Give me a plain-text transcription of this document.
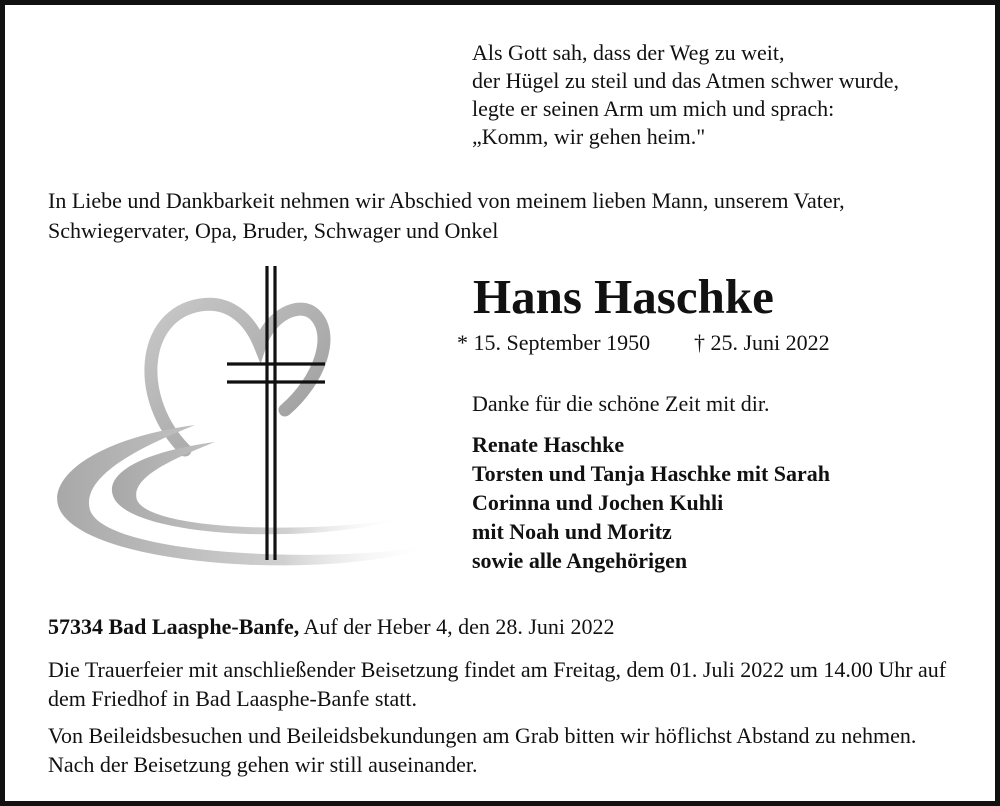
Als Gott sah, dass der Weg zu weit,
der Hügel zu steil und das Atmen schwer wurde,
legte er seinen Arm um mich und sprach:
„Komm, wir gehen heim."

In Liebe und Dankbarkeit nehmen wir Abschied von meinem lieben Mann, unserem Vater, Schwiegervater, Opa, Bruder, Schwager und Onkel

Hans Haschke
* 15. September 1950 † 25. Juni 2022

Danke für die schöne Zeit mit dir.

Renate Haschke
Torsten und Tanja Haschke mit Sarah
Corinna und Jochen Kuhli
mit Noah und Moritz
sowie alle Angehörigen

57334 Bad Laasphe-Banfe, Auf der Heber 4, den 28. Juni 2022

Die Trauerfeier mit anschließender Beisetzung findet am Freitag, dem 01. Juli 2022 um 14.00 Uhr auf dem Friedhof in Bad Laasphe-Banfe statt.

Von Beileidsbesuchen und Beileidsbekundungen am Grab bitten wir höflichst Abstand zu nehmen. Nach der Beisetzung gehen wir still auseinander.
